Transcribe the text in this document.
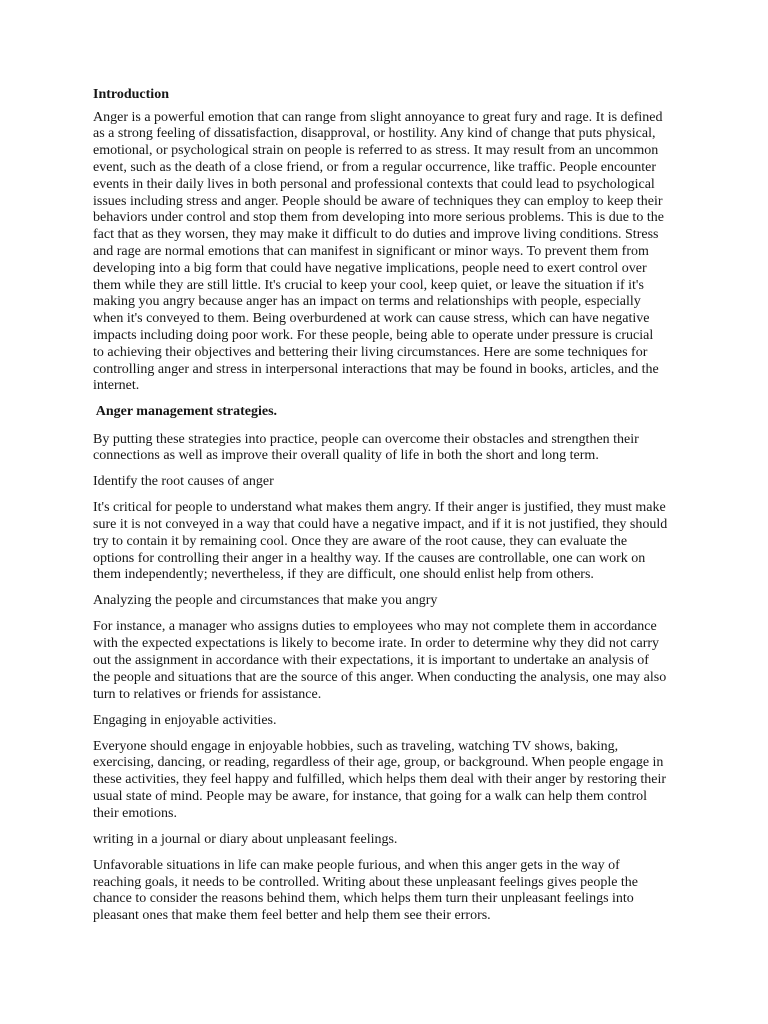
Introduction
Anger is a powerful emotion that can range from slight annoyance to great fury and rage. It is defined
as a strong feeling of dissatisfaction, disapproval, or hostility. Any kind of change that puts physical,
emotional, or psychological strain on people is referred to as stress. It may result from an uncommon
event, such as the death of a close friend, or from a regular occurrence, like traffic. People encounter
events in their daily lives in both personal and professional contexts that could lead to psychological
issues including stress and anger. People should be aware of techniques they can employ to keep their
behaviors under control and stop them from developing into more serious problems. This is due to the
fact that as they worsen, they may make it difficult to do duties and improve living conditions. Stress
and rage are normal emotions that can manifest in significant or minor ways. To prevent them from
developing into a big form that could have negative implications, people need to exert control over
them while they are still little. It's crucial to keep your cool, keep quiet, or leave the situation if it's
making you angry because anger has an impact on terms and relationships with people, especially
when it's conveyed to them. Being overburdened at work can cause stress, which can have negative
impacts including doing poor work. For these people, being able to operate under pressure is crucial
to achieving their objectives and bettering their living circumstances. Here are some techniques for
controlling anger and stress in interpersonal interactions that may be found in books, articles, and the
internet.
Anger management strategies.
By putting these strategies into practice, people can overcome their obstacles and strengthen their
connections as well as improve their overall quality of life in both the short and long term.
Identify the root causes of anger
It's critical for people to understand what makes them angry. If their anger is justified, they must make
sure it is not conveyed in a way that could have a negative impact, and if it is not justified, they should
try to contain it by remaining cool. Once they are aware of the root cause, they can evaluate the
options for controlling their anger in a healthy way. If the causes are controllable, one can work on
them independently; nevertheless, if they are difficult, one should enlist help from others.
Analyzing the people and circumstances that make you angry
For instance, a manager who assigns duties to employees who may not complete them in accordance
with the expected expectations is likely to become irate. In order to determine why they did not carry
out the assignment in accordance with their expectations, it is important to undertake an analysis of
the people and situations that are the source of this anger. When conducting the analysis, one may also
turn to relatives or friends for assistance.
Engaging in enjoyable activities.
Everyone should engage in enjoyable hobbies, such as traveling, watching TV shows, baking,
exercising, dancing, or reading, regardless of their age, group, or background. When people engage in
these activities, they feel happy and fulfilled, which helps them deal with their anger by restoring their
usual state of mind. People may be aware, for instance, that going for a walk can help them control
their emotions.
writing in a journal or diary about unpleasant feelings.
Unfavorable situations in life can make people furious, and when this anger gets in the way of
reaching goals, it needs to be controlled. Writing about these unpleasant feelings gives people the
chance to consider the reasons behind them, which helps them turn their unpleasant feelings into
pleasant ones that make them feel better and help them see their errors.
